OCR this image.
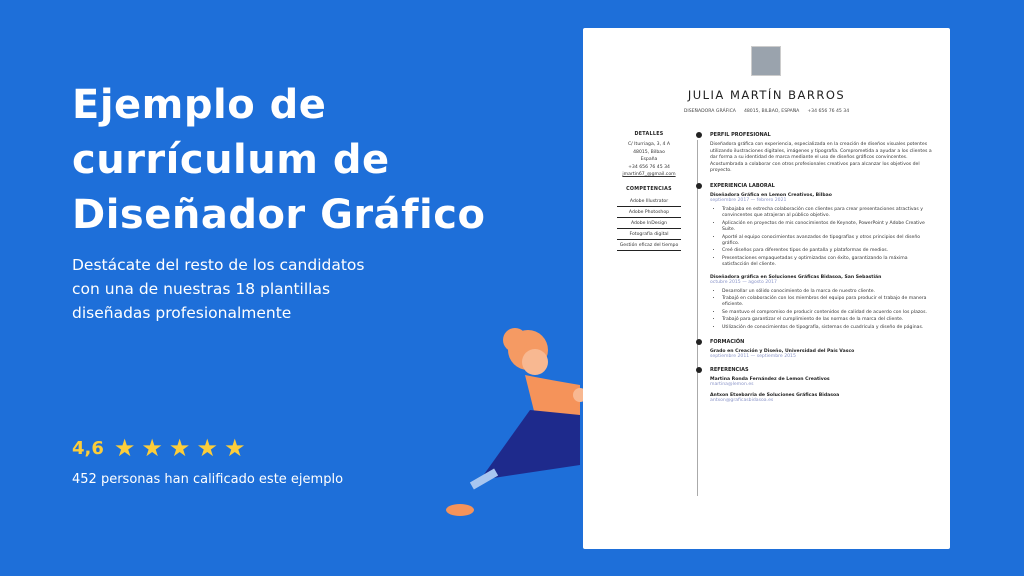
Ejemplo de currículum de Diseñador Gráfico

Destácate del resto de los candidatos con una de nuestras 18 plantillas diseñadas profesionalmente

4,6 ★ ★ ★ ★ ★

452 personas han calificado este ejemplo

JULIA MARTÍN BARROS
DISEÑADORA GRÁFICA 48015, BILBAO, ESPAÑA +34 656 76 45 34
DETALLES

C/ Iturriaga, 3, 4 A

48015, Bilbao

España

+34 656 76 45 34

jmartin67_@gmail.com

COMPETENCIAS
Adobe Illustrator
Adobe Photoshop
Adobe InDesign
Fotografía digital
Gestión eficaz del tiempo
PERFIL PROFESIONAL

Diseñadora gráfica con experiencia, especializada en la creación de diseños visuales potentes utilizando ilustraciones digitales, imágenes y tipografía. Comprometida a ayudar a los clientes a dar forma a su identidad de marca mediante el uso de diseños gráficos convincentes. Acostumbrada a colaborar con otros profesionales creativos para alcanzar los objetivos del proyecto.

EXPERIENCIA LABORAL
Diseñadora Gráfica en Lemon Creativos, Bilbao
septiembre 2017 — febrero 2021
• Trabajaba en estrecha colaboración con clientes para crear presentaciones atractivas y convincentes que atrajeran al público objetivo.
• Aplicación en proyectos de mis conocimientos de Keynote, PowerPoint y Adobe Creative Suite.
• Aporté al equipo conocimientos avanzados de tipografías y otros principios del diseño gráfico.
• Creé diseños para diferentes tipos de pantalla y plataformas de medios.
• Presentaciones empaquetadas y optimizadas con éxito, garantizando la máxima satisfacción del cliente.
Diseñadora gráfica en Soluciones Gráficas Bidasoa, San Sebastián
octubre 2015 — agosto 2017
• Desarrollar un sólido conocimiento de la marca de nuestro cliente.
• Trabajó en colaboración con los miembros del equipo para producir el trabajo de manera eficiente.
• Se mantuvo el compromiso de producir contenidos de calidad de acuerdo con los plazos.
• Trabajó para garantizar el cumplimiento de las normas de la marca del cliente.
• Utilización de conocimientos de tipografía, sistemas de cuadrícula y diseño de páginas.
FORMACIÓN
Grado en Creación y Diseño, Universidad del País Vasco
septiembre 2011 — septiembre 2015
REFERENCIAS
Martina Ronda Fernández de Lemon Creativos
martina@lemon.es
Antxon Etxebarria de Soluciones Gráficas Bidasoa
antxon@graficasbidasoa.es
